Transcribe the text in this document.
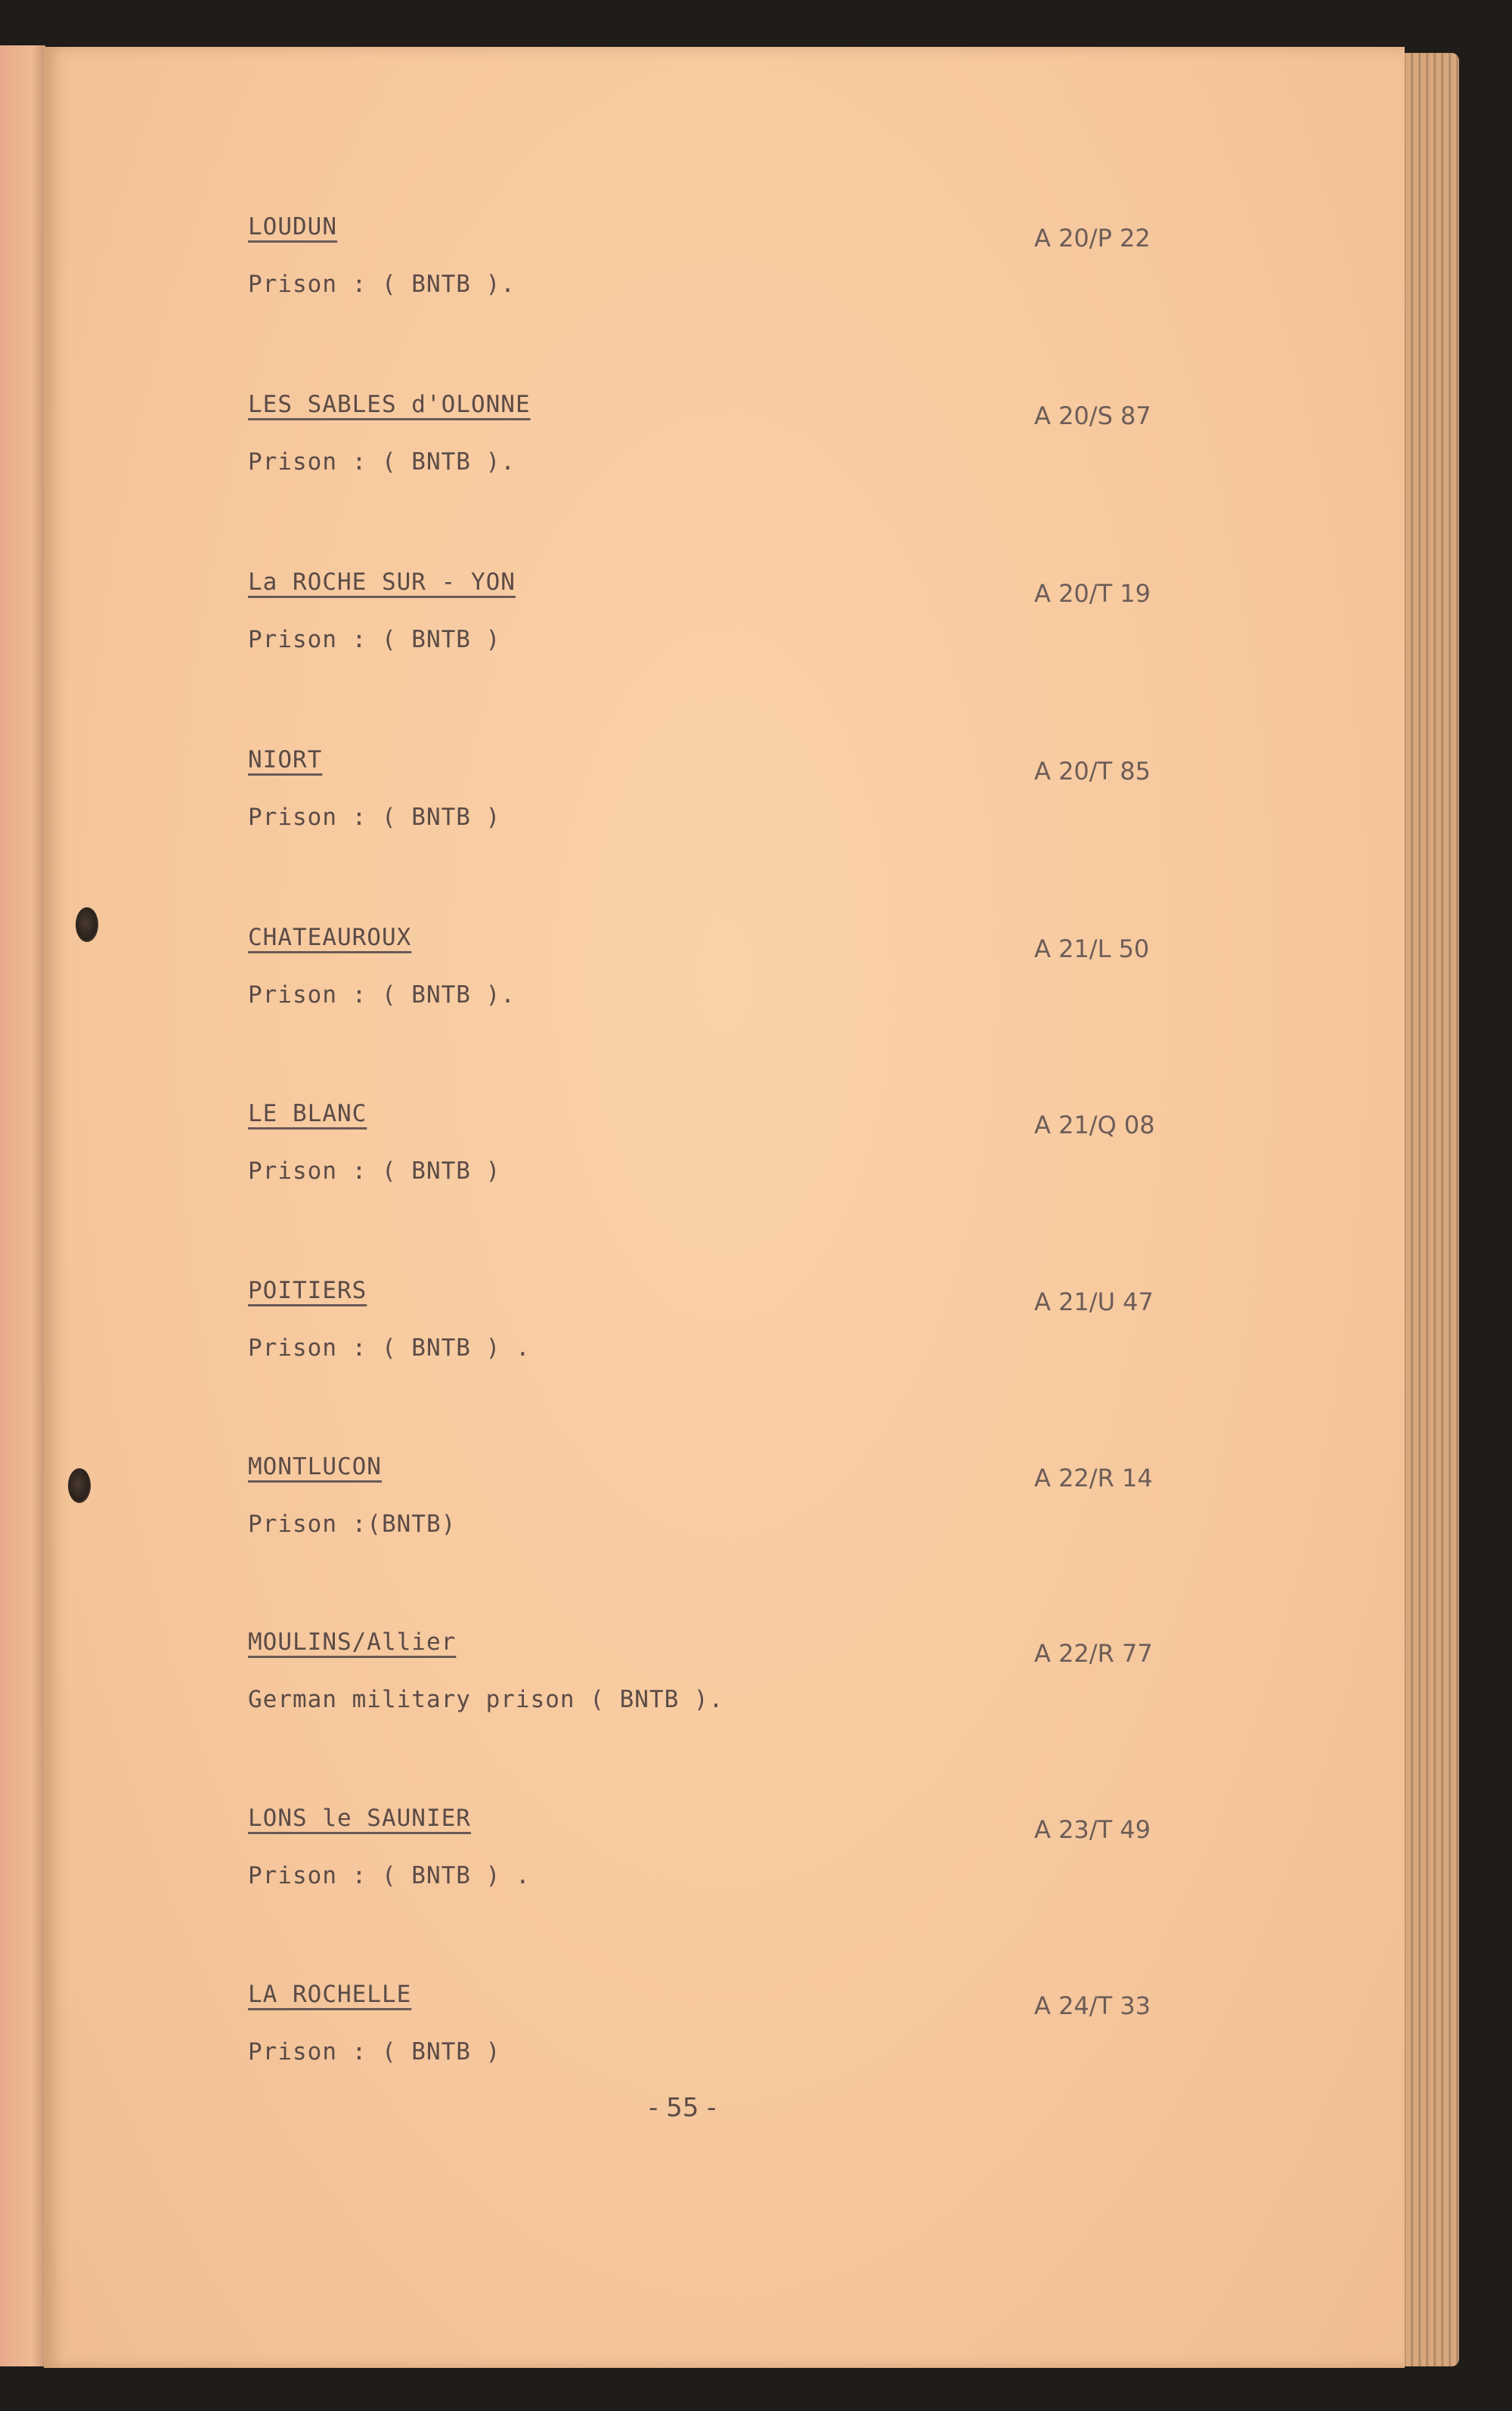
LOUDUN	A 20/P 22
Prison : ( BNTB ).
LES SABLES d'OLONNE	A 20/S 87
Prison : ( BNTB ).
La ROCHE SUR - YON	A 20/T 19
Prison : ( BNTB )
NIORT	A 20/T 85
Prison : ( BNTB )
CHATEAUROUX	A 21/L 50
Prison : ( BNTB ).
LE BLANC	A 21/Q 08
Prison : ( BNTB )
POITIERS	A 21/U 47
Prison : ( BNTB ) .
MONTLUCON	A 22/R 14
Prison :(BNTB)
MOULINS/Allier	A 22/R 77
German military prison ( BNTB ).
LONS le SAUNIER	A 23/T 49
Prison : ( BNTB ) .
LA ROCHELLE	A 24/T 33
Prison : ( BNTB )
- 55 -
